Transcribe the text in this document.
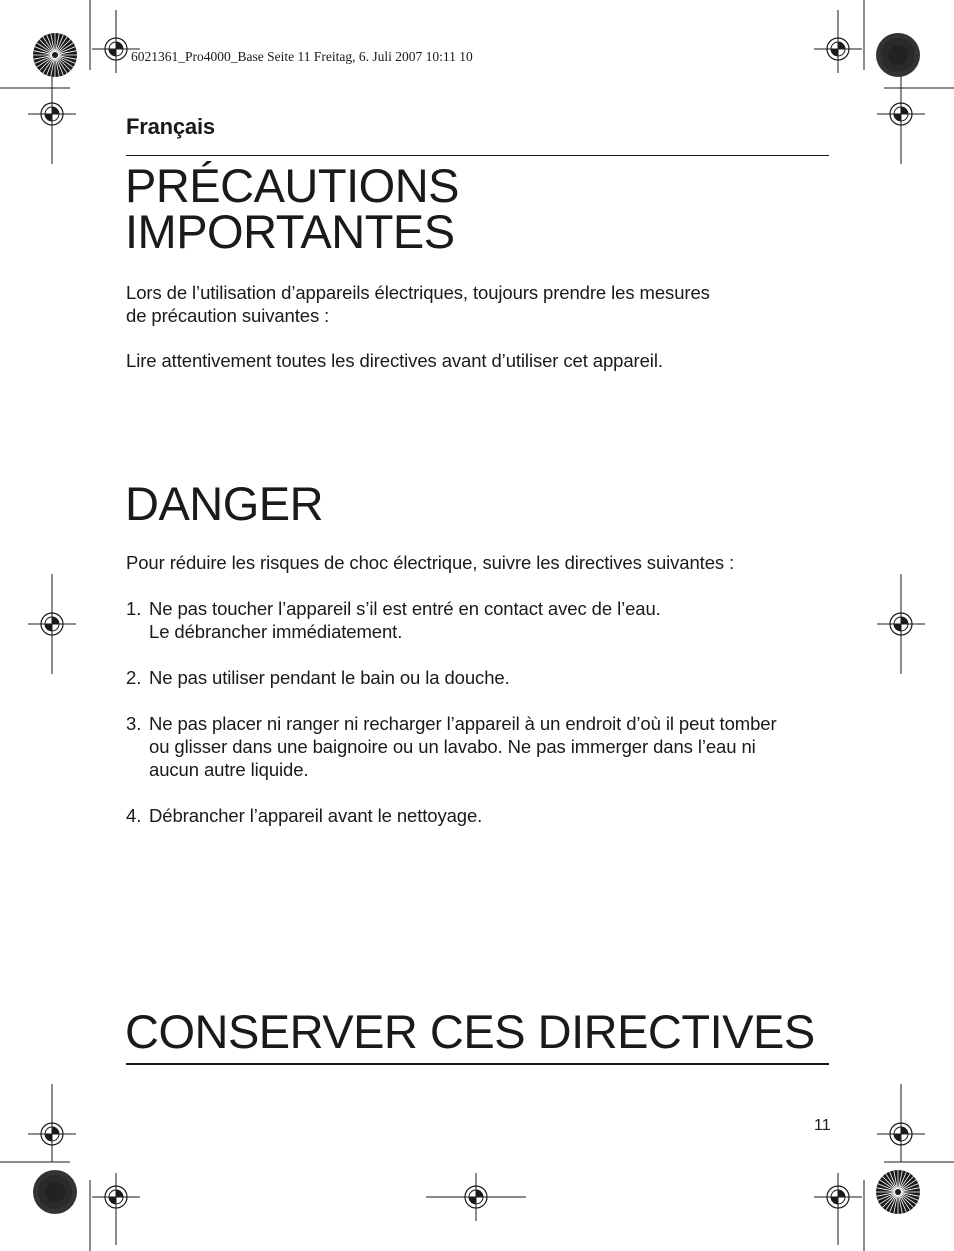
6021361_Pro4000_Base Seite 11 Freitag, 6. Juli 2007 10:11 10
Français
PRÉCAUTIONS
IMPORTANTES

Lors de l’utilisation d’appareils électriques, toujours prendre les mesures
de précaution suivantes :

Lire attentivement toutes les directives avant d’utiliser cet appareil.

DANGER

Pour réduire les risques de choc électrique, suivre les directives suivantes :

1. Ne pas toucher l’appareil s’il est entré en contact avec de l’eau.
Le débrancher immédiatement.
2. Ne pas utiliser pendant le bain ou la douche.
3. Ne pas placer ni ranger ni recharger l’appareil à un endroit d’où il peut tomber
ou glisser dans une baignoire ou un lavabo. Ne pas immerger dans l’eau ni
aucun autre liquide.
4. Débrancher l’appareil avant le nettoyage.
CONSERVER CES DIRECTIVES
11
